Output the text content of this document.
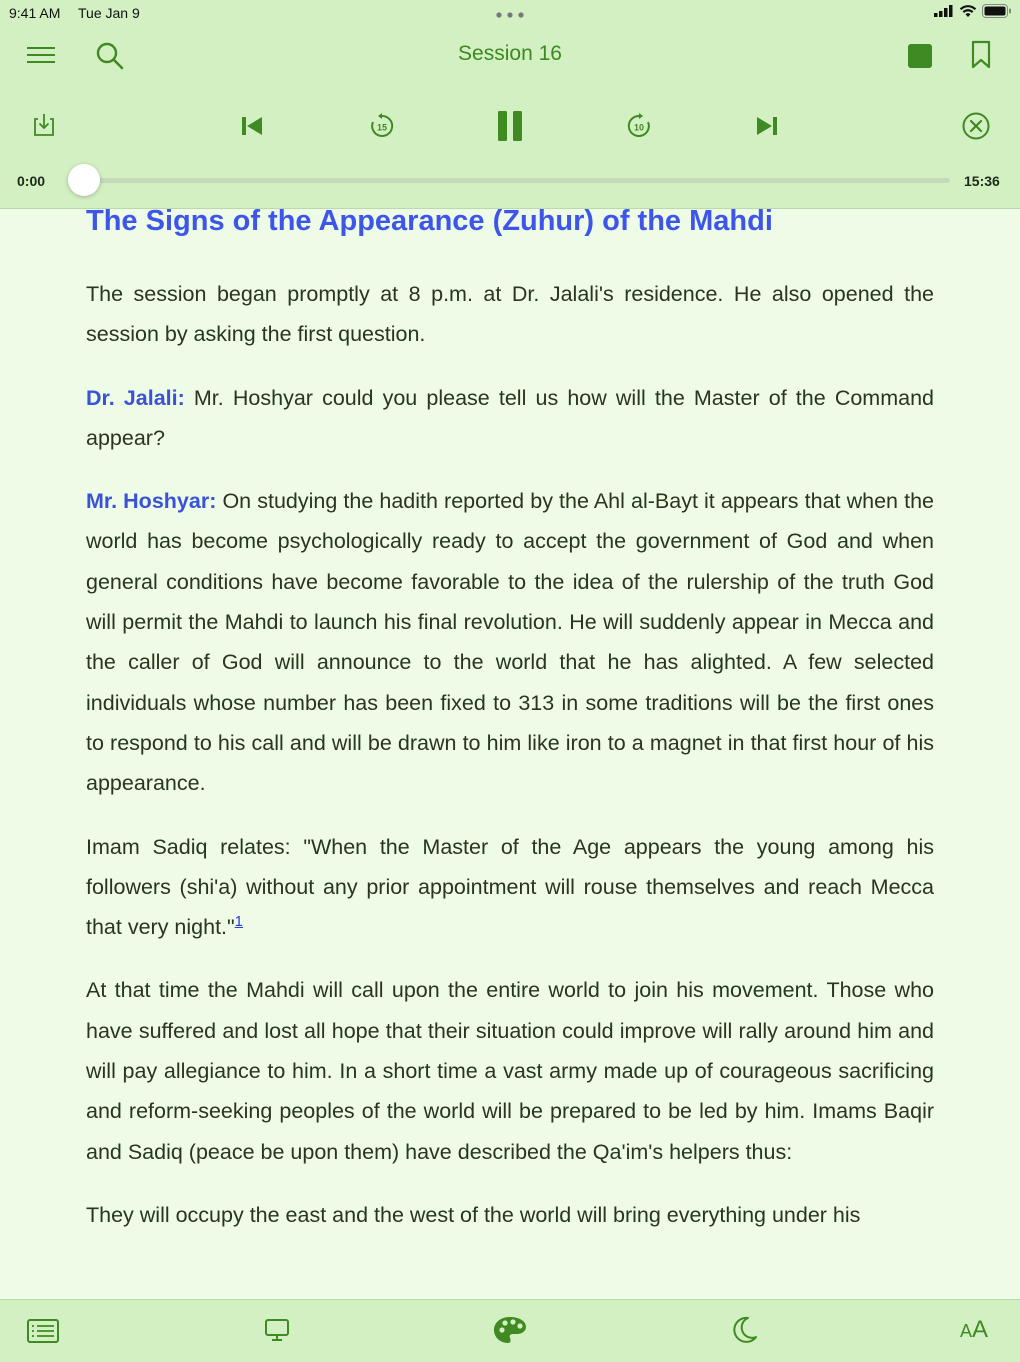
9:41 AM Tue Jan 9
Session 16
15	10
0:00	15:36
The Signs of the Appearance (Zuhur) of the Mahdi

The session began promptly at 8 p.m. at Dr. Jalali's residence. He also opened the session by asking the first question.

Dr. Jalali: Mr. Hoshyar could you please tell us how will the Master of the Command appear?

Mr. Hoshyar: On studying the hadith reported by the Ahl al-Bayt it appears that when the world has become psychologically ready to accept the government of God and when general conditions have become favorable to the idea of the rulership of the truth God will permit the Mahdi to launch his final revolution. He will suddenly appear in Mecca and the caller of God will announce to the world that he has alighted. A few selected individuals whose number has been fixed to 313 in some traditions will be the first ones to respond to his call and will be drawn to him like iron to a magnet in that first hour of his appearance.

Imam Sadiq relates: "When the Master of the Age appears the young among his followers (shi'a) without any prior appointment will rouse themselves and reach Mecca that very night."$^1$

At that time the Mahdi will call upon the entire world to join his movement. Those who have suffered and lost all hope that their situation could improve will rally around him and will pay allegiance to him. In a short time a vast army made up of courageous sacrificing and reform-seeking peoples of the world will be prepared to be led by him. Imams Baqir and Sadiq (peace be upon them) have described the Qa'im's helpers thus:

They will occupy the east and the west of the world will bring everything under his

AA
